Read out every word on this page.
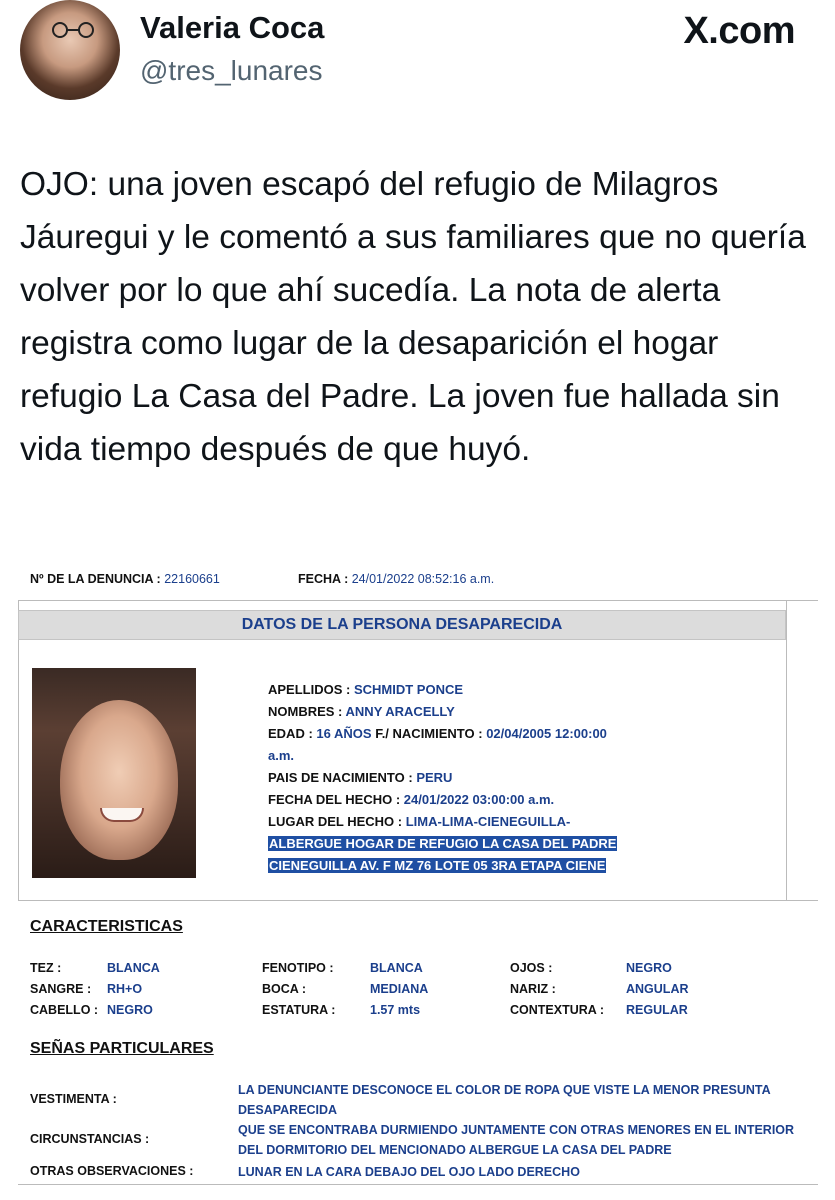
Valeria Coca
@tres_lunares
X.com
OJO: una joven escapó del refugio de Milagros Jáuregui y le comentó a sus familiares que no quería volver por lo que ahí sucedía. La nota de alerta registra como lugar de la desaparición el hogar refugio La Casa del Padre. La joven fue hallada sin vida tiempo después de que huyó.
Nº DE LA DENUNCIA : 22160661	FECHA : 24/01/2022 08:52:16 a.m.
DATOS DE LA PERSONA DESAPARECIDA
APELLIDOS : SCHMIDT PONCE
NOMBRES : ANNY ARACELLY
EDAD : 16 AÑOS F./ NACIMIENTO : 02/04/2005 12:00:00
a.m.
PAIS DE NACIMIENTO : PERU
FECHA DEL HECHO : 24/01/2022 03:00:00 a.m.
LUGAR DEL HECHO : LIMA-LIMA-CIENEGUILLA-
ALBERGUE HOGAR DE REFUGIO LA CASA DEL PADRE
CIENEGUILLA AV. F MZ 76 LOTE 05 3RA ETAPA CIENE
CARACTERISTICAS
TEZ :	BLANCA	FENOTIPO :	BLANCA	OJOS :	NEGRO
SANGRE : RH+O	BOCA :	MEDIANA	NARIZ :	ANGULAR
CABELLO : NEGRO	ESTATURA :	1.57 mts	CONTEXTURA : REGULAR
SEÑAS PARTICULARES
VESTIMENTA :
LA DENUNCIANTE DESCONOCE EL COLOR DE ROPA QUE VISTE LA MENOR PRESUNTA DESAPARECIDA
CIRCUNSTANCIAS :
QUE SE ENCONTRABA DURMIENDO JUNTAMENTE CON OTRAS MENORES EN EL INTERIOR DEL DORMITORIO DEL MENCIONADO ALBERGUE LA CASA DEL PADRE
OTRAS OBSERVACIONES :	LUNAR EN LA CARA DEBAJO DEL OJO LADO DERECHO
